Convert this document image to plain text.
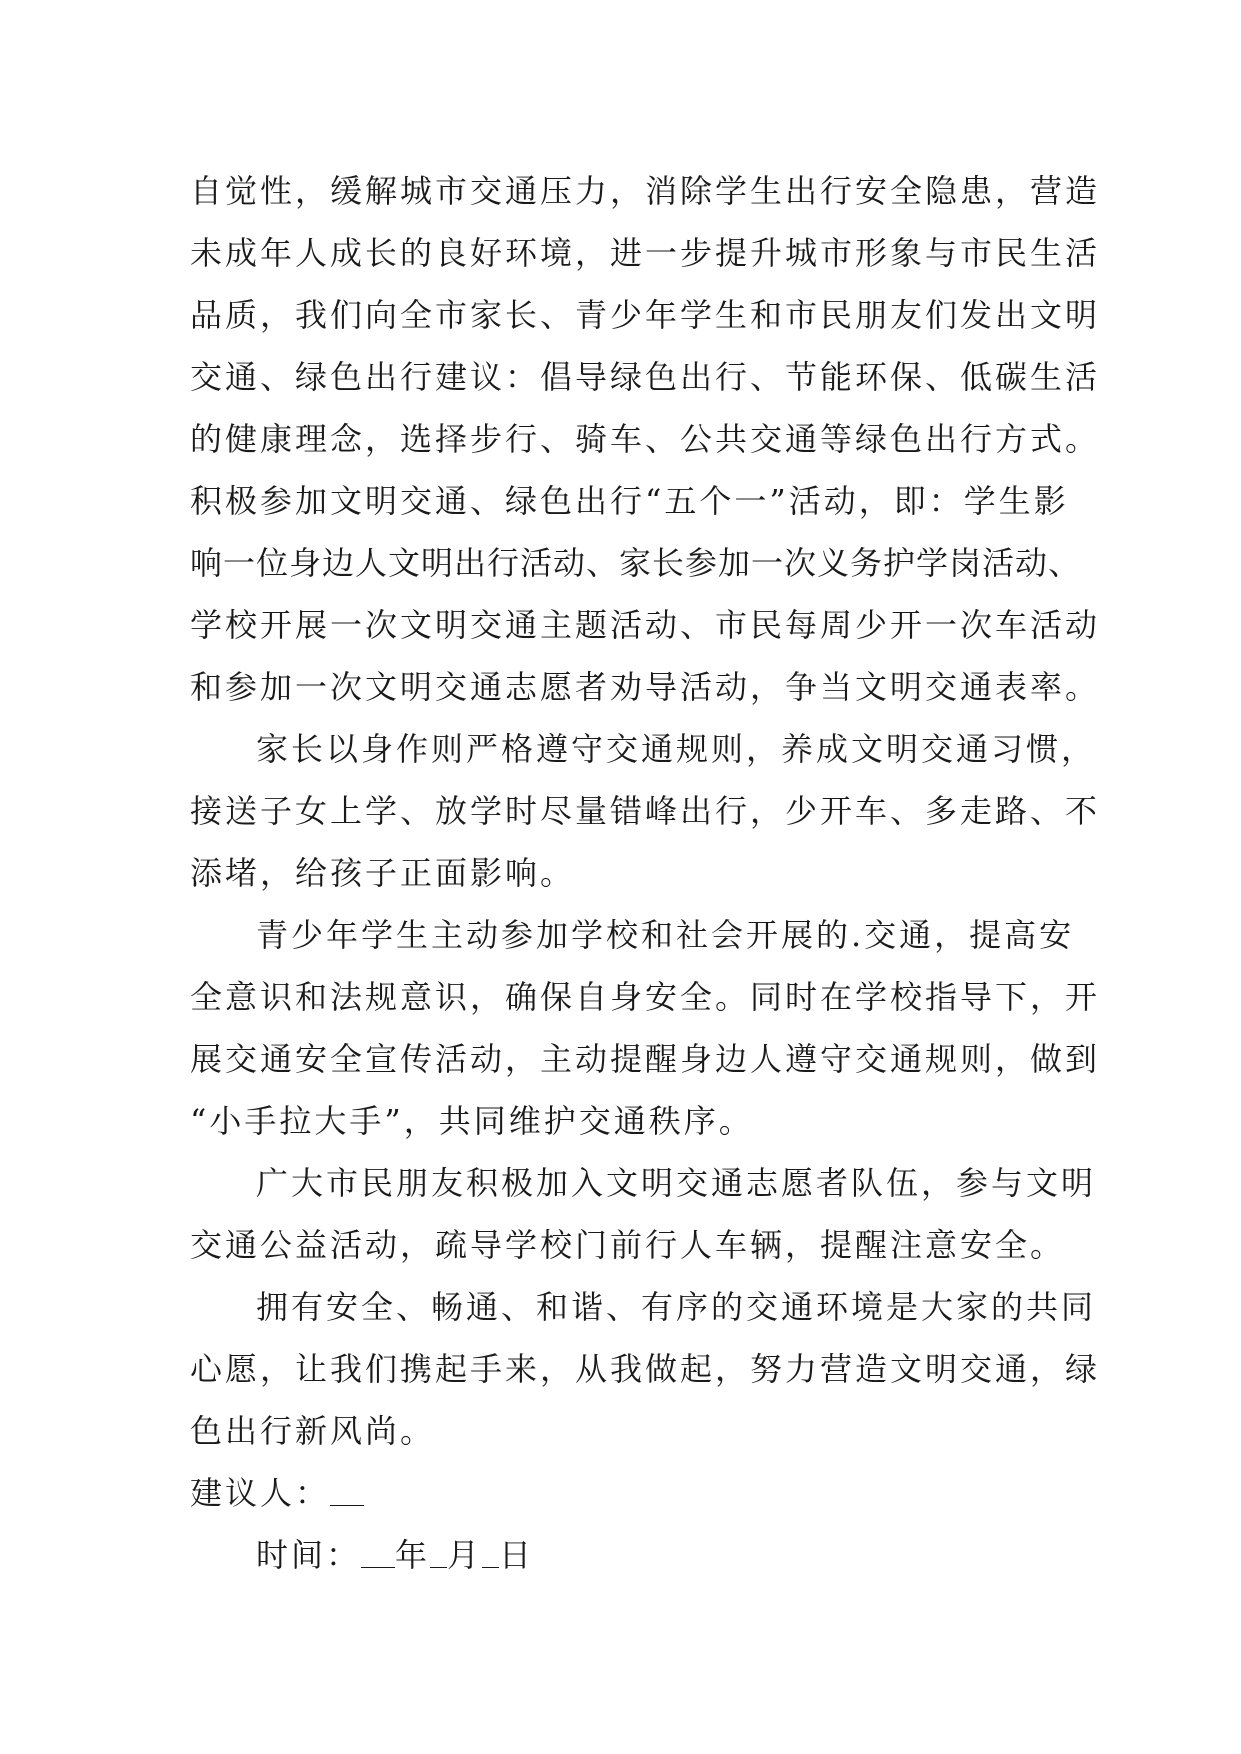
自觉性，缓解城市交通压力，消除学生出行安全隐患，营造
未成年人成长的良好环境，进一步提升城市形象与市民生活
品质，我们向全市家长、青少年学生和市民朋友们发出文明
交通、绿色出行建议：倡导绿色出行、节能环保、低碳生活
的健康理念，选择步行、骑车、公共交通等绿色出行方式。
积极参加文明交通、绿色出行“五个一”活动，即：学生影
响一位身边人文明出行活动、家长参加一次义务护学岗活动、
学校开展一次文明交通主题活动、市民每周少开一次车活动
和参加一次文明交通志愿者劝导活动，争当文明交通表率。
家长以身作则严格遵守交通规则，养成文明交通习惯，
接送子女上学、放学时尽量错峰出行，少开车、多走路、不
添堵，给孩子正面影响。
青少年学生主动参加学校和社会开展的.交通，提高安
全意识和法规意识，确保自身安全。同时在学校指导下，开
展交通安全宣传活动，主动提醒身边人遵守交通规则，做到
“小手拉大手”，共同维护交通秩序。
广大市民朋友积极加入文明交通志愿者队伍，参与文明
交通公益活动，疏导学校门前行人车辆，提醒注意安全。
拥有安全、畅通、和谐、有序的交通环境是大家的共同
心愿，让我们携起手来，从我做起，努力营造文明交通，绿
色出行新风尚。
建议人：
时间： 年 月 日
